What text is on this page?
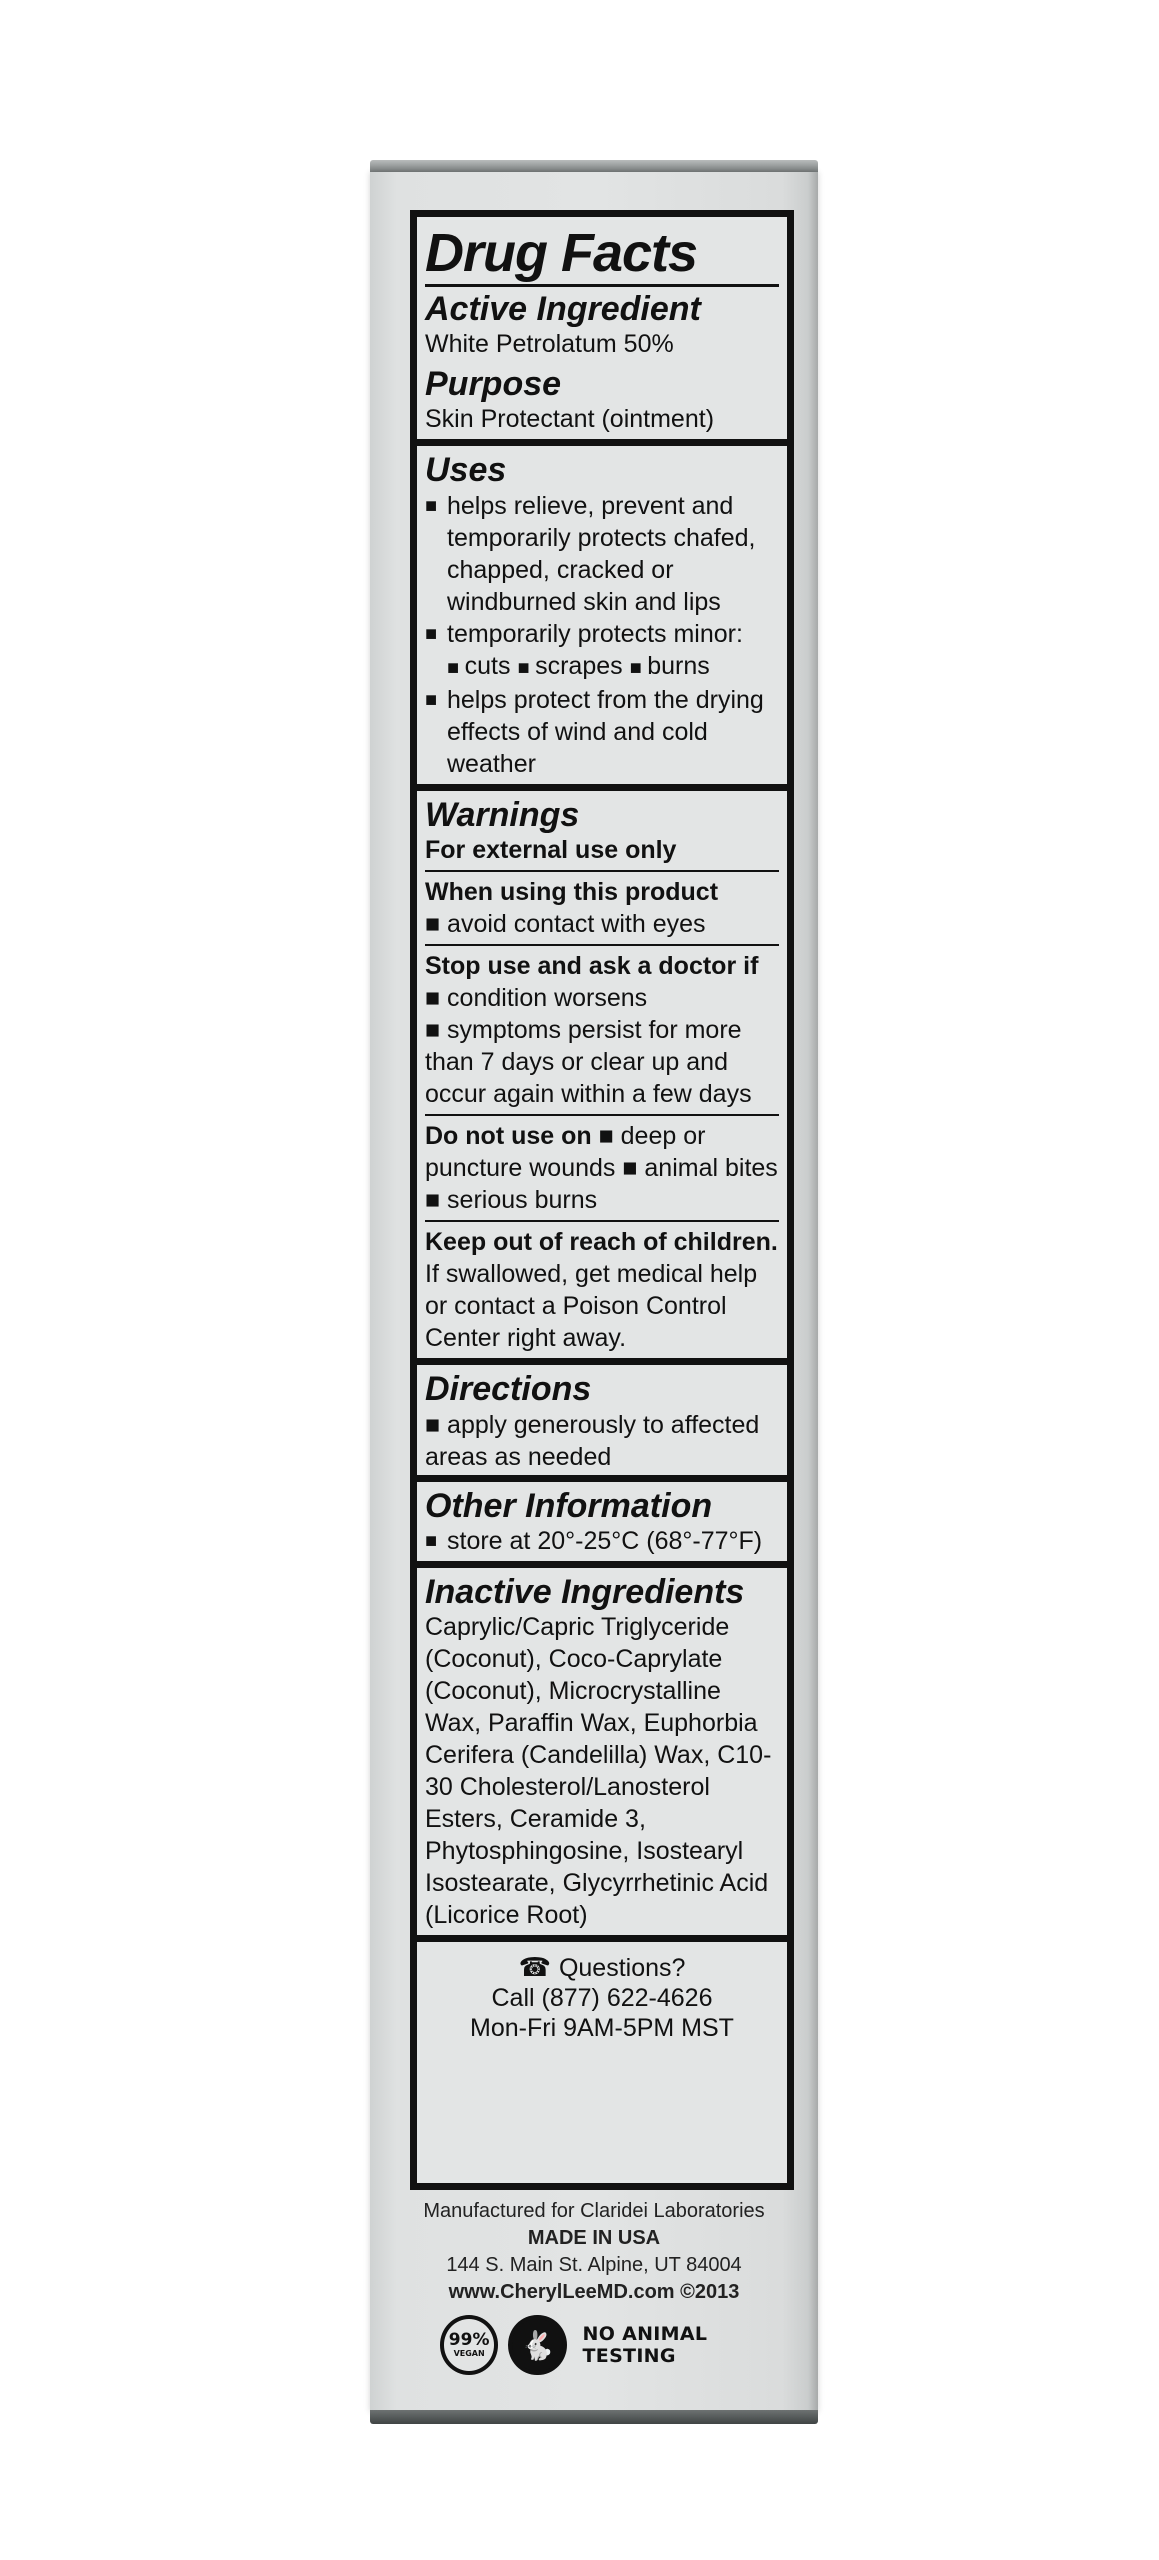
Drug Facts
Active Ingredient
White Petrolatum 50%
Purpose
Skin Protectant (ointment)
Uses
■ helps relieve, prevent and temporarily protects chafed, chapped, cracked or windburned skin and lips
■ temporarily protects minor:
■ cuts ■ scrapes ■ burns
■ helps protect from the drying effects of wind and cold weather
Warnings
For external use only
When using this product
■ avoid contact with eyes
Stop use and ask a doctor if ■ condition worsens
■ symptoms persist for more than 7 days or clear up and occur again within a few days
Do not use on ■ deep or puncture wounds ■ animal bites ■ serious burns
Keep out of reach of children. If swallowed, get medical help or contact a Poison Control Center right away.
Directions
■ apply generously to affected areas as needed
Other Information
■ store at 20°-25°C (68°-77°F)
Inactive Ingredients
Caprylic/Capric Triglyceride (Coconut), Coco-Caprylate (Coconut), Microcrystalline Wax, Paraffin Wax, Euphorbia Cerifera (Candelilla) Wax, C10-30 Cholesterol/Lanosterol Esters, Ceramide 3, Phytosphingosine, Isostearyl Isostearate, Glycyrrhetinic Acid (Licorice Root)
☎ Questions?
Call (877) 622-4626
Mon-Fri 9AM-5PM MST
Manufactured for Claridei Laboratories
MADE IN USA
144 S. Main St. Alpine, UT 84004
www.CherylLeeMD.com ©2013
99%
VEGAN	🐇	NO ANIMAL TESTING
